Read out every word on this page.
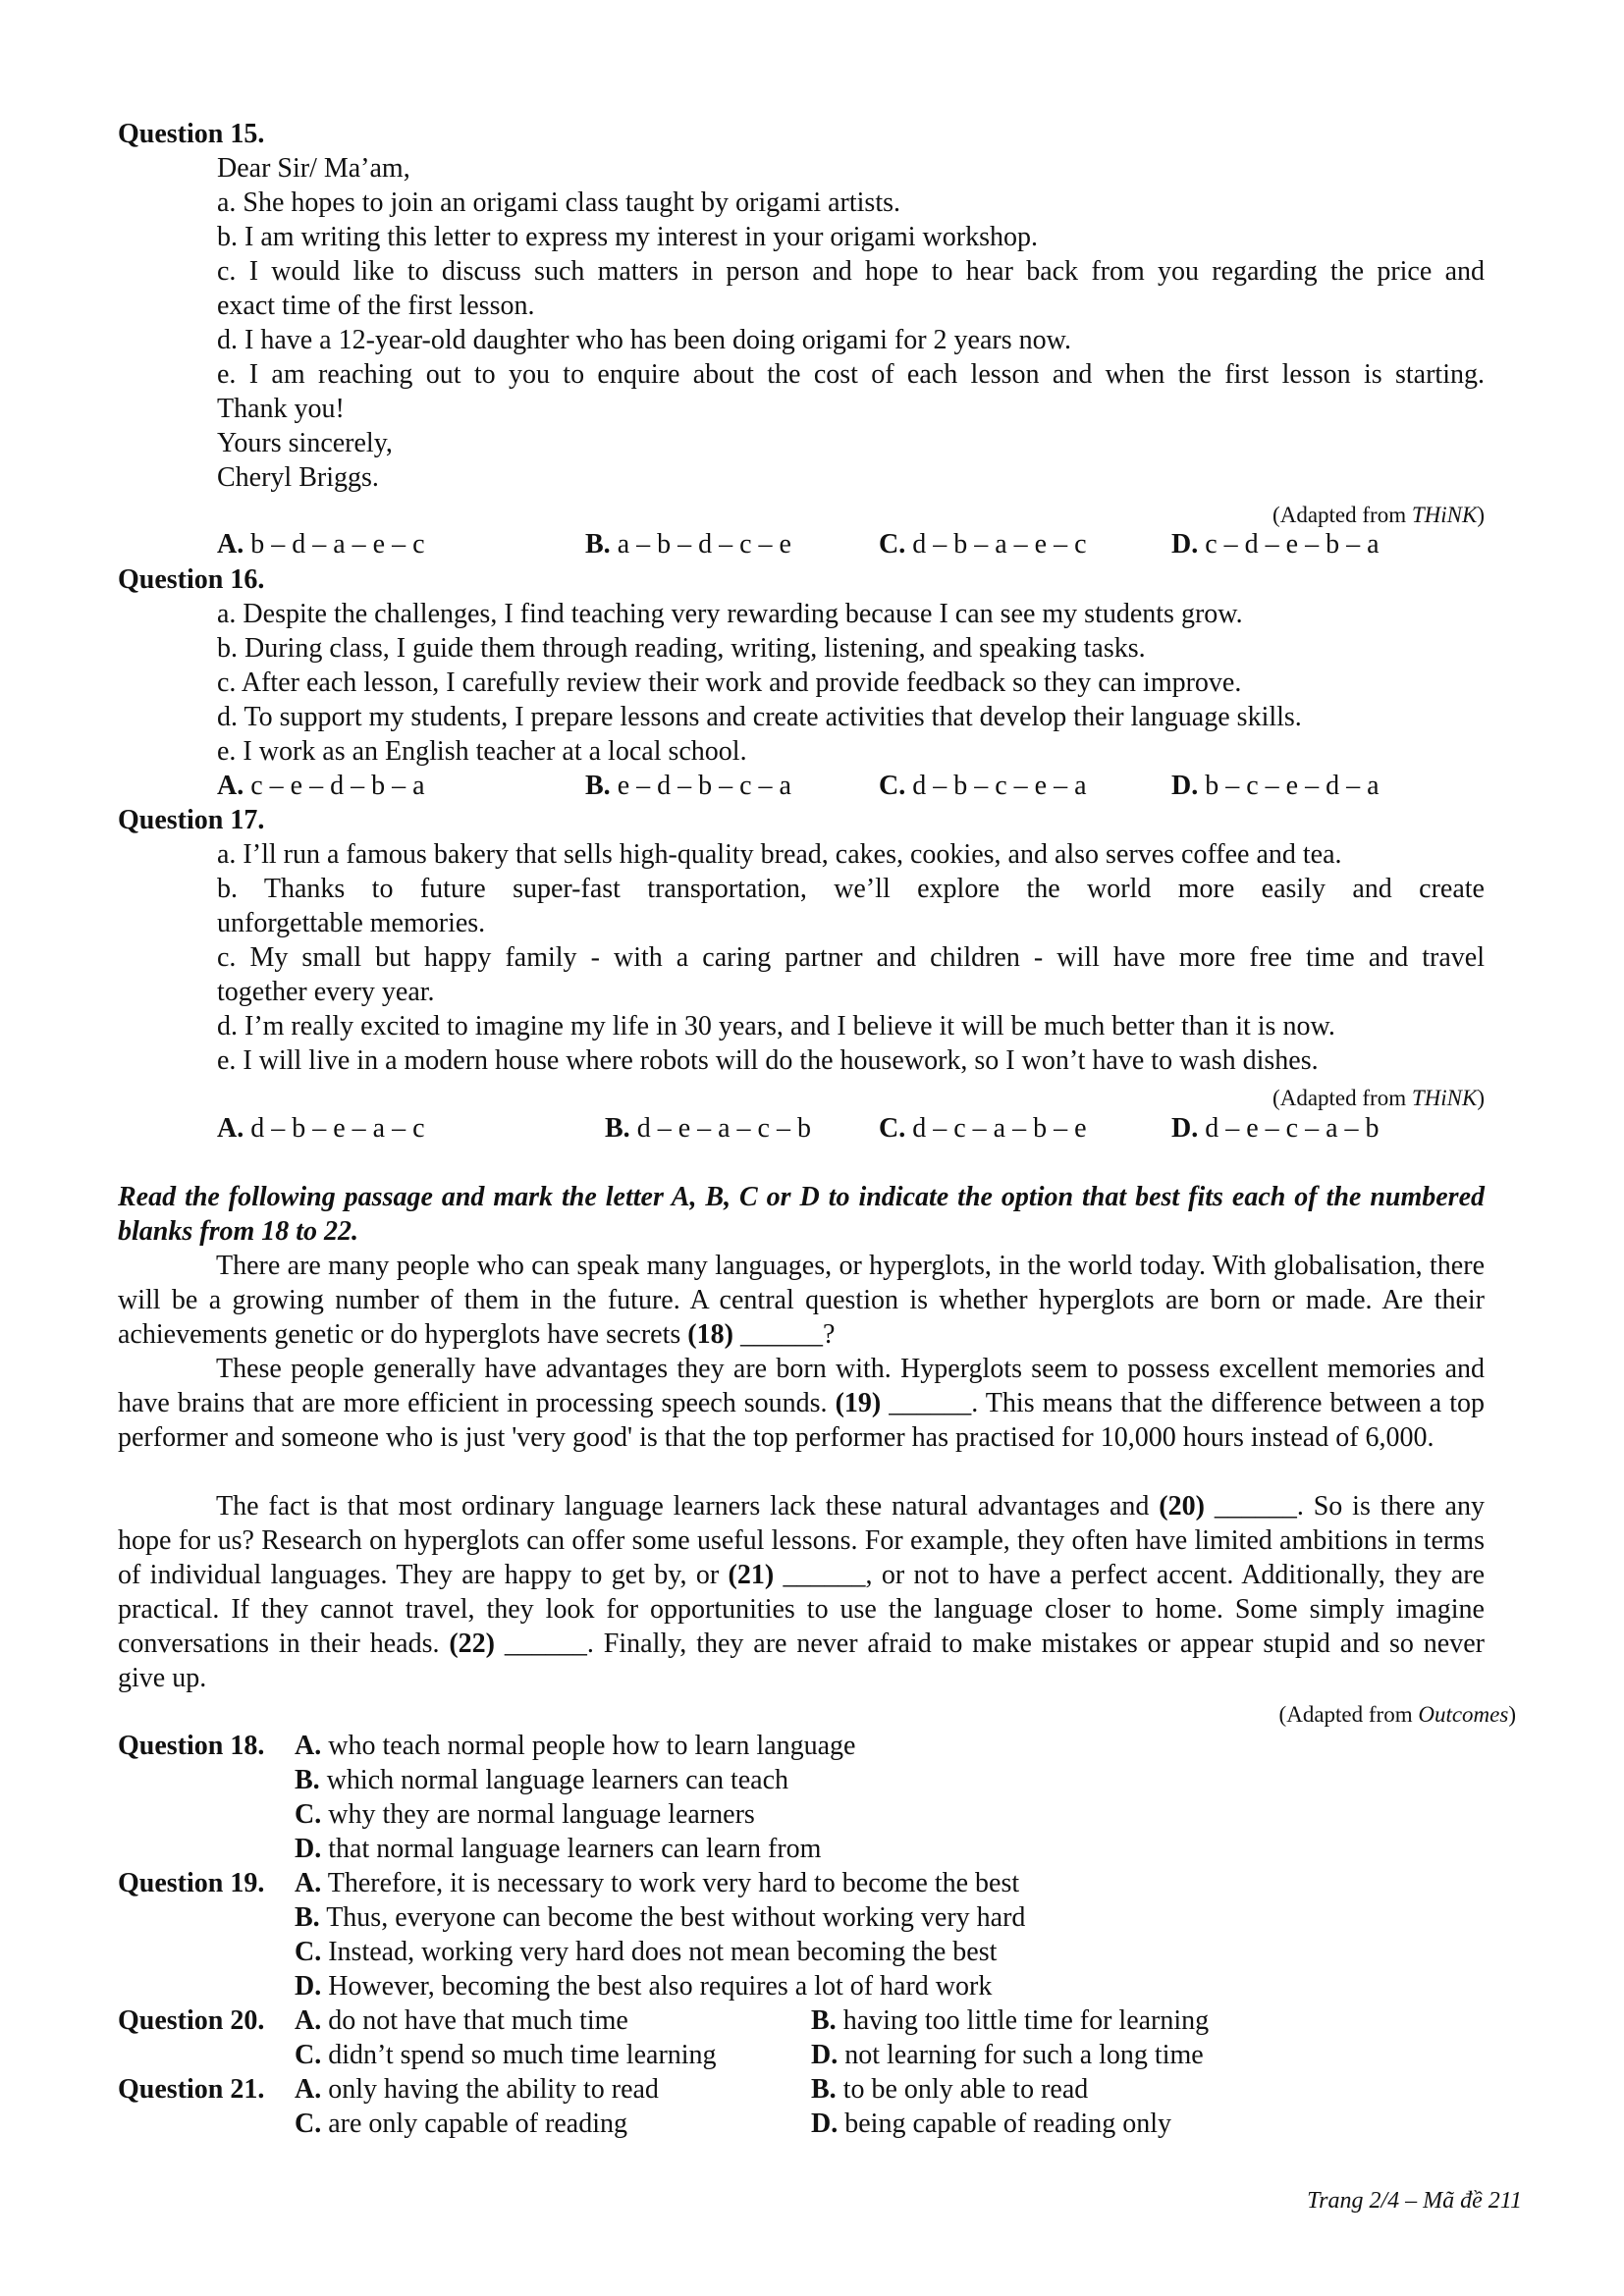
Question 15.
Dear Sir/ Ma’am,
a. She hopes to join an origami class taught by origami artists.
b. I am writing this letter to express my interest in your origami workshop.
c. I would like to discuss such matters in person and hope to hear back from you regarding the price and
exact time of the first lesson.
d. I have a 12-year-old daughter who has been doing origami for 2 years now.
e. I am reaching out to you to enquire about the cost of each lesson and when the first lesson is starting.
Thank you!
Yours sincerely,
Cheryl Briggs.
(Adapted from THiNK)
A. b – d – a – e – c	B. a – b – d – c – e	C. d – b – a – e – c	D. c – d – e – b – a
Question 16.
a. Despite the challenges, I find teaching very rewarding because I can see my students grow.
b. During class, I guide them through reading, writing, listening, and speaking tasks.
c. After each lesson, I carefully review their work and provide feedback so they can improve.
d. To support my students, I prepare lessons and create activities that develop their language skills.
e. I work as an English teacher at a local school.
A. c – e – d – b – a	B. e – d – b – c – a	C. d – b – c – e – a	D. b – c – e – d – a
Question 17.
a. I’ll run a famous bakery that sells high-quality bread, cakes, cookies, and also serves coffee and tea.
b. Thanks to future super-fast transportation, we’ll explore the world more easily and create
unforgettable memories.
c. My small but happy family - with a caring partner and children - will have more free time and travel
together every year.
d. I’m really excited to imagine my life in 30 years, and I believe it will be much better than it is now.
e. I will live in a modern house where robots will do the housework, so I won’t have to wash dishes.
(Adapted from THiNK)
A. d – b – e – a – c	B. d – e – a – c – b C. d – c – a – b – e	D. d – e – c – a – b
Read the following passage and mark the letter A, B, C or D to indicate the option that best fits each of the numbered blanks from 18 to 22.
There are many people who can speak many languages, or hyperglots, in the world today. With globalisation, there will be a growing number of them in the future. A central question is whether hyperglots are born or made. Are their achievements genetic or do hyperglots have secrets (18) ______?
These people generally have advantages they are born with. Hyperglots seem to possess excellent memories and have brains that are more efficient in processing speech sounds. (19) ______. This means that the difference between a top performer and someone who is just 'very good' is that the top performer has practised for 10,000 hours instead of 6,000.
The fact is that most ordinary language learners lack these natural advantages and (20) ______. So is there any hope for us? Research on hyperglots can offer some useful lessons. For example, they often have limited ambitions in terms of individual languages. They are happy to get by, or (21) ______, or not to have a perfect accent. Additionally, they are practical. If they cannot travel, they look for opportunities to use the language closer to home. Some simply imagine conversations in their heads. (22) ______. Finally, they are never afraid to make mistakes or appear stupid and so never give up.
(Adapted from Outcomes)
Question 18. A. who teach normal people how to learn language
B. which normal language learners can teach
C. why they are normal language learners
D. that normal language learners can learn from
Question 19. A. Therefore, it is necessary to work very hard to become the best
B. Thus, everyone can become the best without working very hard
C. Instead, working very hard does not mean becoming the best
D. However, becoming the best also requires a lot of hard work
Question 20. A. do not have that much time	B. having too little time for learning
C. didn’t spend so much time learning	D. not learning for such a long time
Question 21. A. only having the ability to read	B. to be only able to read
C. are only capable of reading	D. being capable of reading only
Trang 2/4 – Mã đề 211
